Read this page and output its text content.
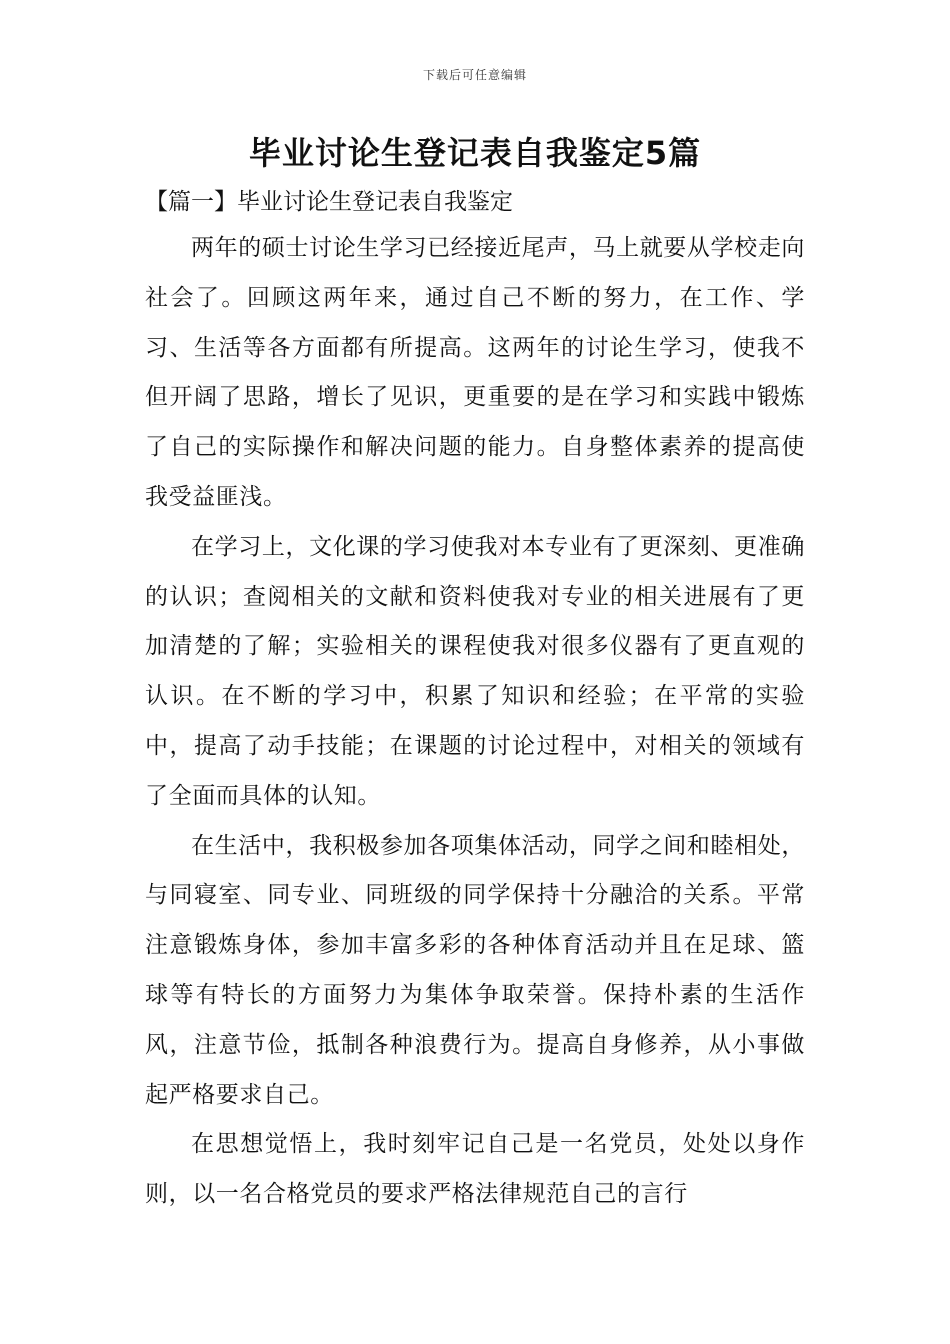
下载后可任意编辑
毕业讨论生登记表自我鉴定5篇
【篇一】毕业讨论生登记表自我鉴定

两年的硕士讨论生学习已经接近尾声，马上就要从学校走向社会了。回顾这两年来，通过自己不断的努力，在工作、学习、生活等各方面都有所提高。这两年的讨论生学习，使我不但开阔了思路，增长了见识，更重要的是在学习和实践中锻炼了自己的实际操作和解决问题的能力。自身整体素养的提高使我受益匪浅。

在学习上，文化课的学习使我对本专业有了更深刻、更准确的认识；查阅相关的文献和资料使我对专业的相关进展有了更加清楚的了解；实验相关的课程使我对很多仪器有了更直观的认识。在不断的学习中，积累了知识和经验；在平常的实验中，提高了动手技能；在课题的讨论过程中，对相关的领域有了全面而具体的认知。

在生活中，我积极参加各项集体活动，同学之间和睦相处，与同寝室、同专业、同班级的同学保持十分融洽的关系。平常注意锻炼身体，参加丰富多彩的各种体育活动并且在足球、篮球等有特长的方面努力为集体争取荣誉。保持朴素的生活作风，注意节俭，抵制各种浪费行为。提高自身修养，从小事做起严格要求自己。

在思想觉悟上，我时刻牢记自己是一名党员，处处以身作则，以一名合格党员的要求严格法律规范自己的言行
